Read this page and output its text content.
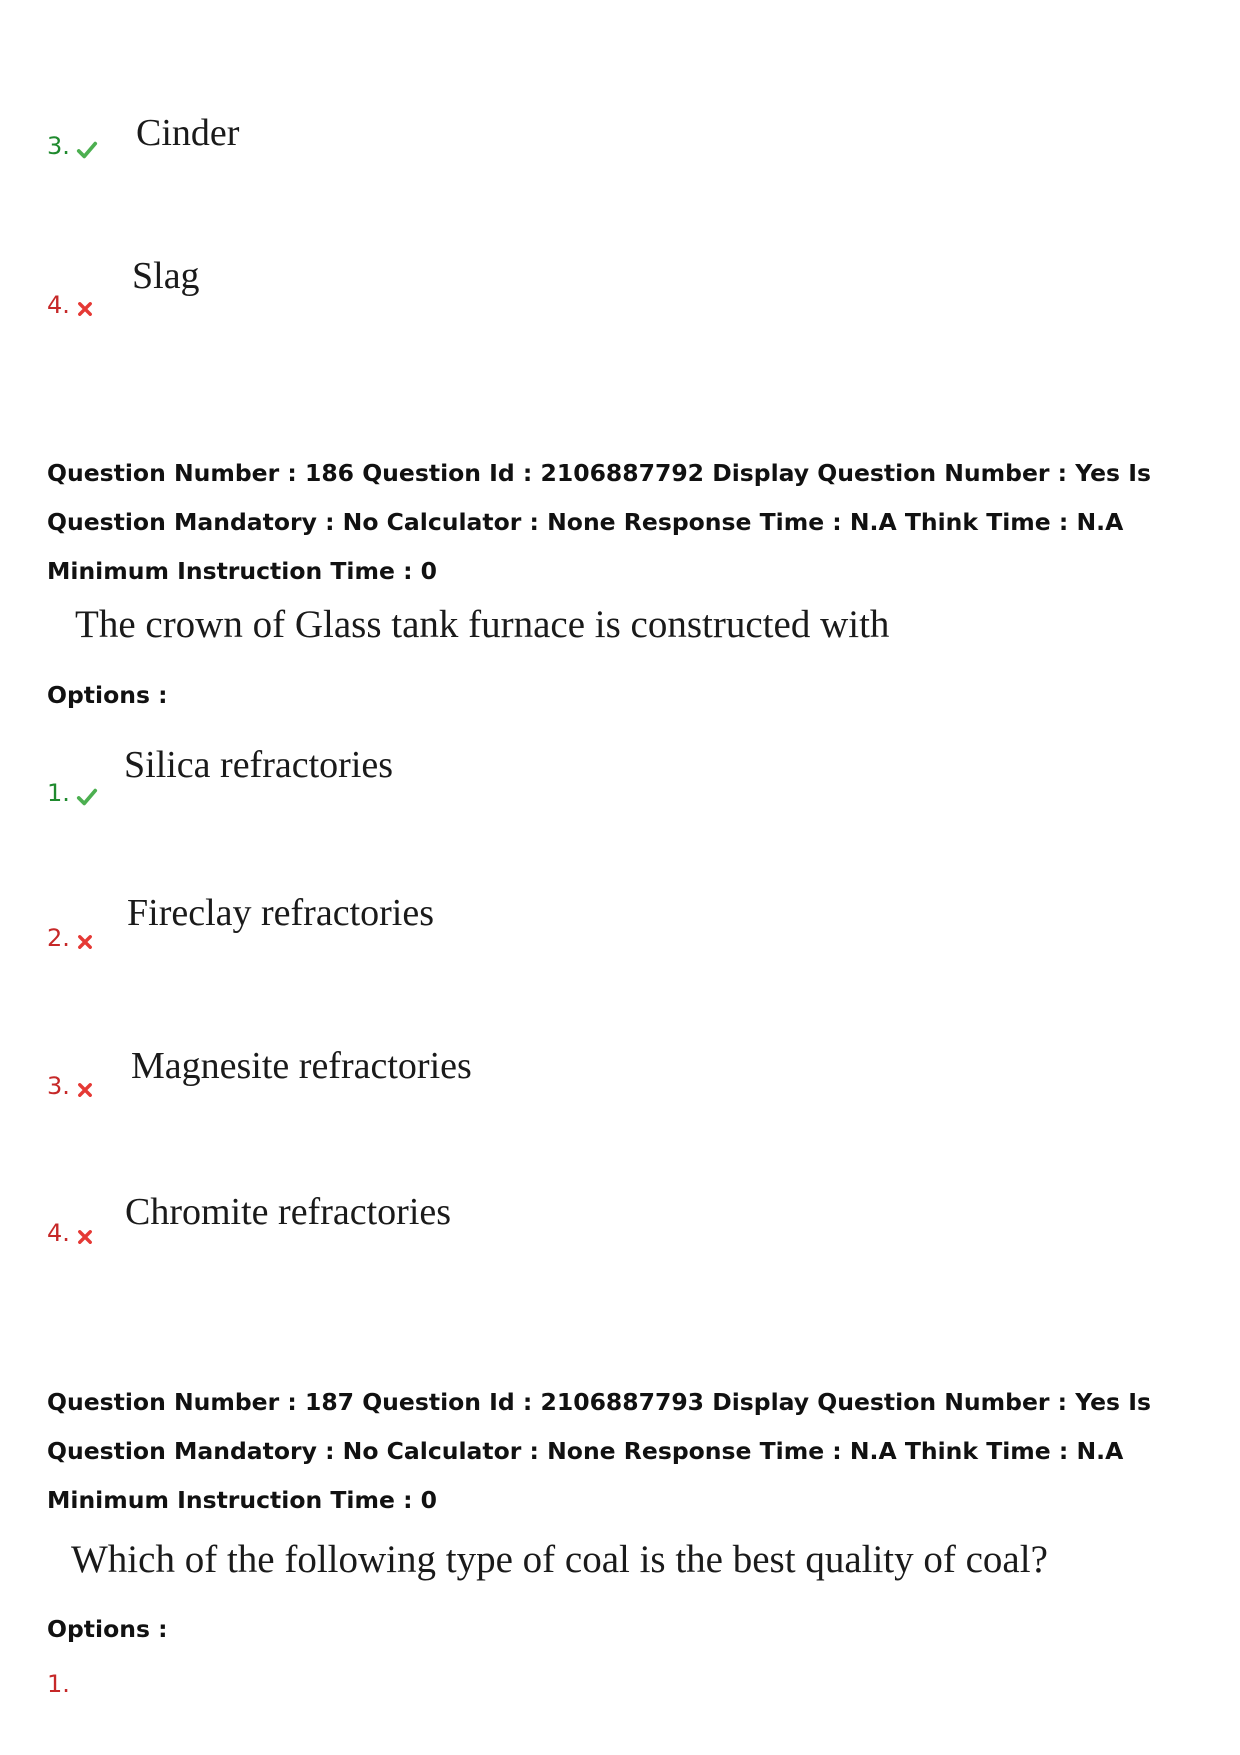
3.	Cinder
4.
Slag
Question Number : 186 Question Id : 2106887792 Display Question Number : Yes Is Question Mandatory : No Calculator : None Response Time : N.A Think Time : N.A Minimum Instruction Time : 0
The crown of Glass tank furnace is constructed with
Options :
1.
Silica refractories
2.
Fireclay refractories
3.	Magnesite refractories
4.	Chromite refractories
Question Number : 187 Question Id : 2106887793 Display Question Number : Yes Is Question Mandatory : No Calculator : None Response Time : N.A Think Time : N.A Minimum Instruction Time : 0
Which of the following type of coal is the best quality of coal?
Options :
1.
